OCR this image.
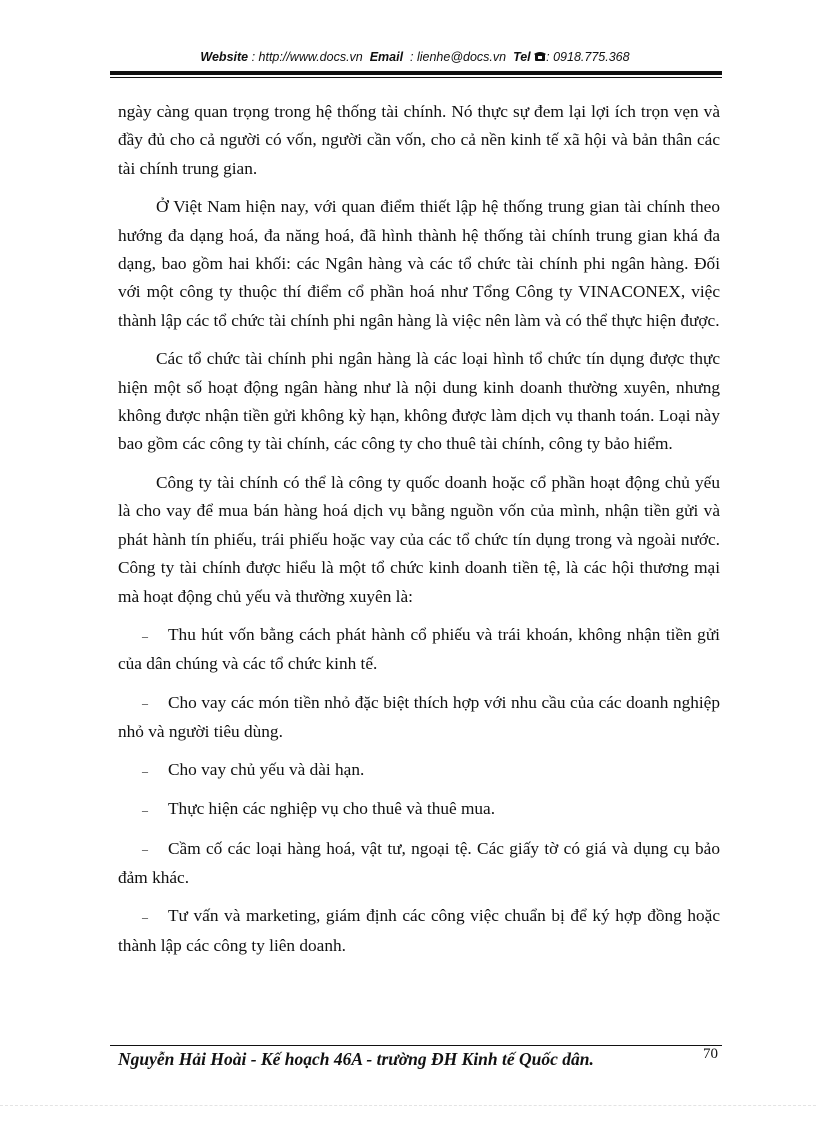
Website : http://www.docs.vn Email : lienhe@docs.vn Tel : 0918.775.368

ngày càng quan trọng trong hệ thống tài chính. Nó thực sự đem lại lợi ích trọn vẹn và đầy đủ cho cả người có vốn, người cần vốn, cho cả nền kinh tế xã hội và bản thân các tài chính trung gian.

Ở Việt Nam hiện nay, với quan điểm thiết lập hệ thống trung gian tài chính theo hướng đa dạng hoá, đa năng hoá, đã hình thành hệ thống tài chính trung gian khá đa dạng, bao gồm hai khối: các Ngân hàng và các tổ chức tài chính phi ngân hàng. Đối với một công ty thuộc thí điểm cổ phần hoá như Tổng Công ty VINACONEX, việc thành lập các tổ chức tài chính phi ngân hàng là việc nên làm và có thể thực hiện được.

Các tổ chức tài chính phi ngân hàng là các loại hình tổ chức tín dụng được thực hiện một số hoạt động ngân hàng như là nội dung kinh doanh thường xuyên, nhưng không được nhận tiền gửi không kỳ hạn, không được làm dịch vụ thanh toán. Loại này bao gồm các công ty tài chính, các công ty cho thuê tài chính, công ty bảo hiểm.

Công ty tài chính có thể là công ty quốc doanh hoặc cổ phần hoạt động chủ yếu là cho vay để mua bán hàng hoá dịch vụ bằng nguồn vốn của mình, nhận tiền gửi và phát hành tín phiếu, trái phiếu hoặc vay của các tổ chức tín dụng trong và ngoài nước. Công ty tài chính được hiểu là một tổ chức kinh doanh tiền tệ, là các hội thương mại mà hoạt động chủ yếu và thường xuyên là:

– Thu hút vốn bằng cách phát hành cổ phiếu và trái khoán, không nhận tiền gửi của dân chúng và các tổ chức kinh tế.

– Cho vay các món tiền nhỏ đặc biệt thích hợp với nhu cầu của các doanh nghiệp nhỏ và người tiêu dùng.

– Cho vay chủ yếu và dài hạn.

– Thực hiện các nghiệp vụ cho thuê và thuê mua.

– Cầm cố các loại hàng hoá, vật tư, ngoại tệ. Các giấy tờ có giá và dụng cụ bảo đảm khác.

– Tư vấn và marketing, giám định các công việc chuẩn bị để ký hợp đồng hoặc thành lập các công ty liên doanh.

Nguyễn Hải Hoài - Kế hoạch 46A - trường ĐH Kinh tế Quốc dân.	70
